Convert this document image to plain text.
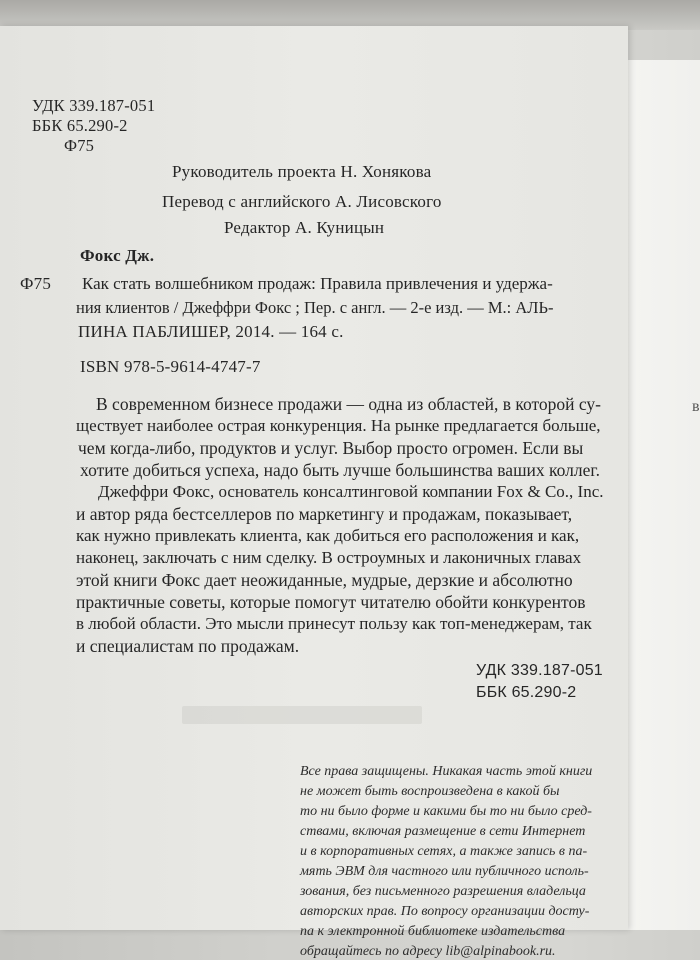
в
УДК 339.187-051
ББК 65.290-2
Ф75
Руководитель проекта Н. Хонякова
Перевод с английского А. Лисовского
Редактор А. Куницын
Фокс Дж.
Ф75 Как стать волшебником продаж: Правила привлечения и удержа-
ния клиентов / Джеффри Фокс ; Пер. с англ. — 2-е изд. — М.: АЛЬ-
ПИНА ПАБЛИШЕР, 2014. — 164 с.
ISBN 978-5-9614-4747-7
В современном бизнесе продажи — одна из областей, в которой су-
ществует наиболее острая конкуренция. На рынке предлагается больше,
чем когда-либо, продуктов и услуг. Выбор просто огромен. Если вы
хотите добиться успеха, надо быть лучше большинства ваших коллег.
Джеффри Фокс, основатель консалтинговой компании Fox & Co., Inc.
и автор ряда бестселлеров по маркетингу и продажам, показывает,
как нужно привлекать клиента, как добиться его расположения и как,
наконец, заключать с ним сделку. В остроумных и лаконичных главах
этой книги Фокс дает неожиданные, мудрые, дерзкие и абсолютно
практичные советы, которые помогут читателю обойти конкурентов
в любой области. Это мысли принесут пользу как топ-менеджерам, так
и специалистам по продажам.
УДК 339.187-051
ББК 65.290-2
Все права защищены. Никакая часть этой книги
не может быть воспроизведена в какой бы
то ни было форме и какими бы то ни было сред-
ствами, включая размещение в сети Интернет
и в корпоративных сетях, а также запись в па-
мять ЭВМ для частного или публичного исполь-
зования, без письменного разрешения владельца
авторских прав. По вопросу организации досту-
па к электронной библиотеке издательства
обращайтесь по адресу lib@alpinabook.ru.
